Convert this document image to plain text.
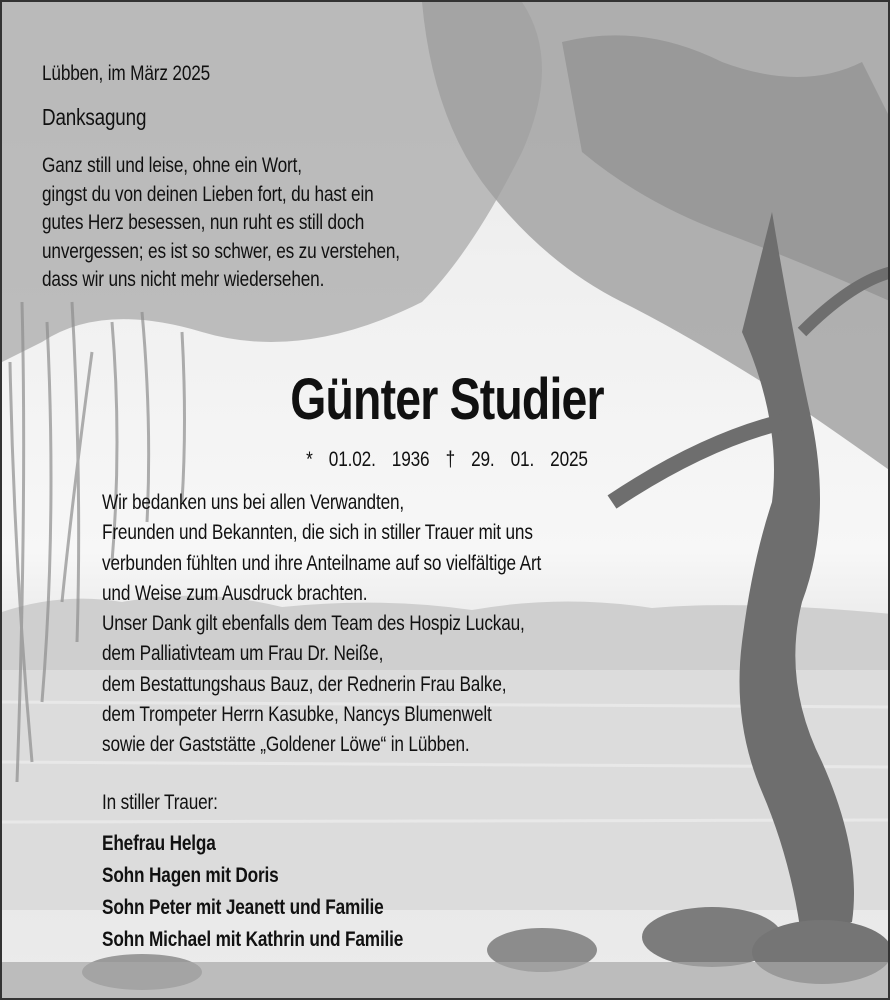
Lübben, im März 2025
Danksagung
Ganz still und leise, ohne ein Wort,
gingst du von deinen Lieben fort, du hast ein
gutes Herz besessen, nun ruht es still doch
unvergessen; es ist so schwer, es zu verstehen,
dass wir uns nicht mehr wiedersehen.
Günter Studier
* 01.02. 1936 † 29. 01. 2025
Wir bedanken uns bei allen Verwandten,
Freunden und Bekannten, die sich in stiller Trauer mit uns
verbunden fühlten und ihre Anteilname auf so vielfältige Art
und Weise zum Ausdruck brachten.
Unser Dank gilt ebenfalls dem Team des Hospiz Luckau,
dem Palliativteam um Frau Dr. Neiße,
dem Bestattungshaus Bauz, der Rednerin Frau Balke,
dem Trompeter Herrn Kasubke, Nancys Blumenwelt
sowie der Gaststätte „Goldener Löwe“ in Lübben.
In stiller Trauer:
Ehefrau Helga
Sohn Hagen mit Doris
Sohn Peter mit Jeanett und Familie
Sohn Michael mit Kathrin und Familie
